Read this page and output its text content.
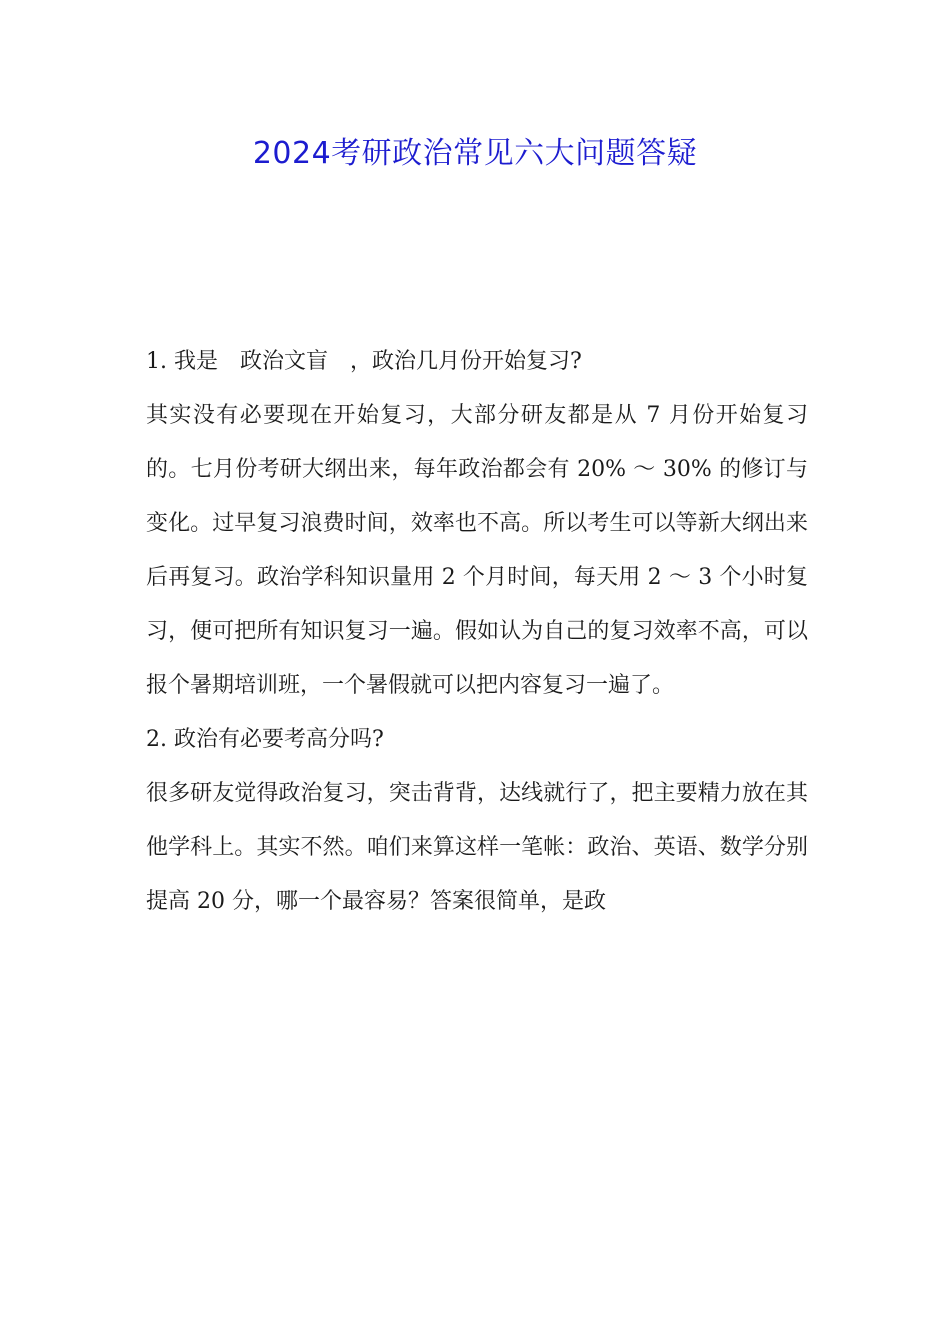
2024考研政治常见六大问题答疑

1. 我是　政治文盲　，政治几月份开始复习?

其实没有必要现在开始复习，大部分研友都是从 7 月份开始复习的。七月份考研大纲出来，每年政治都会有 20% ～ 30% 的修订与变化。过早复习浪费时间，效率也不高。所以考生可以等新大纲出来后再复习。政治学科知识量用 2 个月时间，每天用 2 ～ 3 个小时复习，便可把所有知识复习一遍。假如认为自己的复习效率不高，可以报个暑期培训班，一个暑假就可以把内容复习一遍了。

2. 政治有必要考高分吗?

很多研友觉得政治复习，突击背背，达线就行了，把主要精力放在其他学科上。其实不然。咱们来算这样一笔帐：政治、英语、数学分别提高 20 分，哪一个最容易？答案很简单，是政
